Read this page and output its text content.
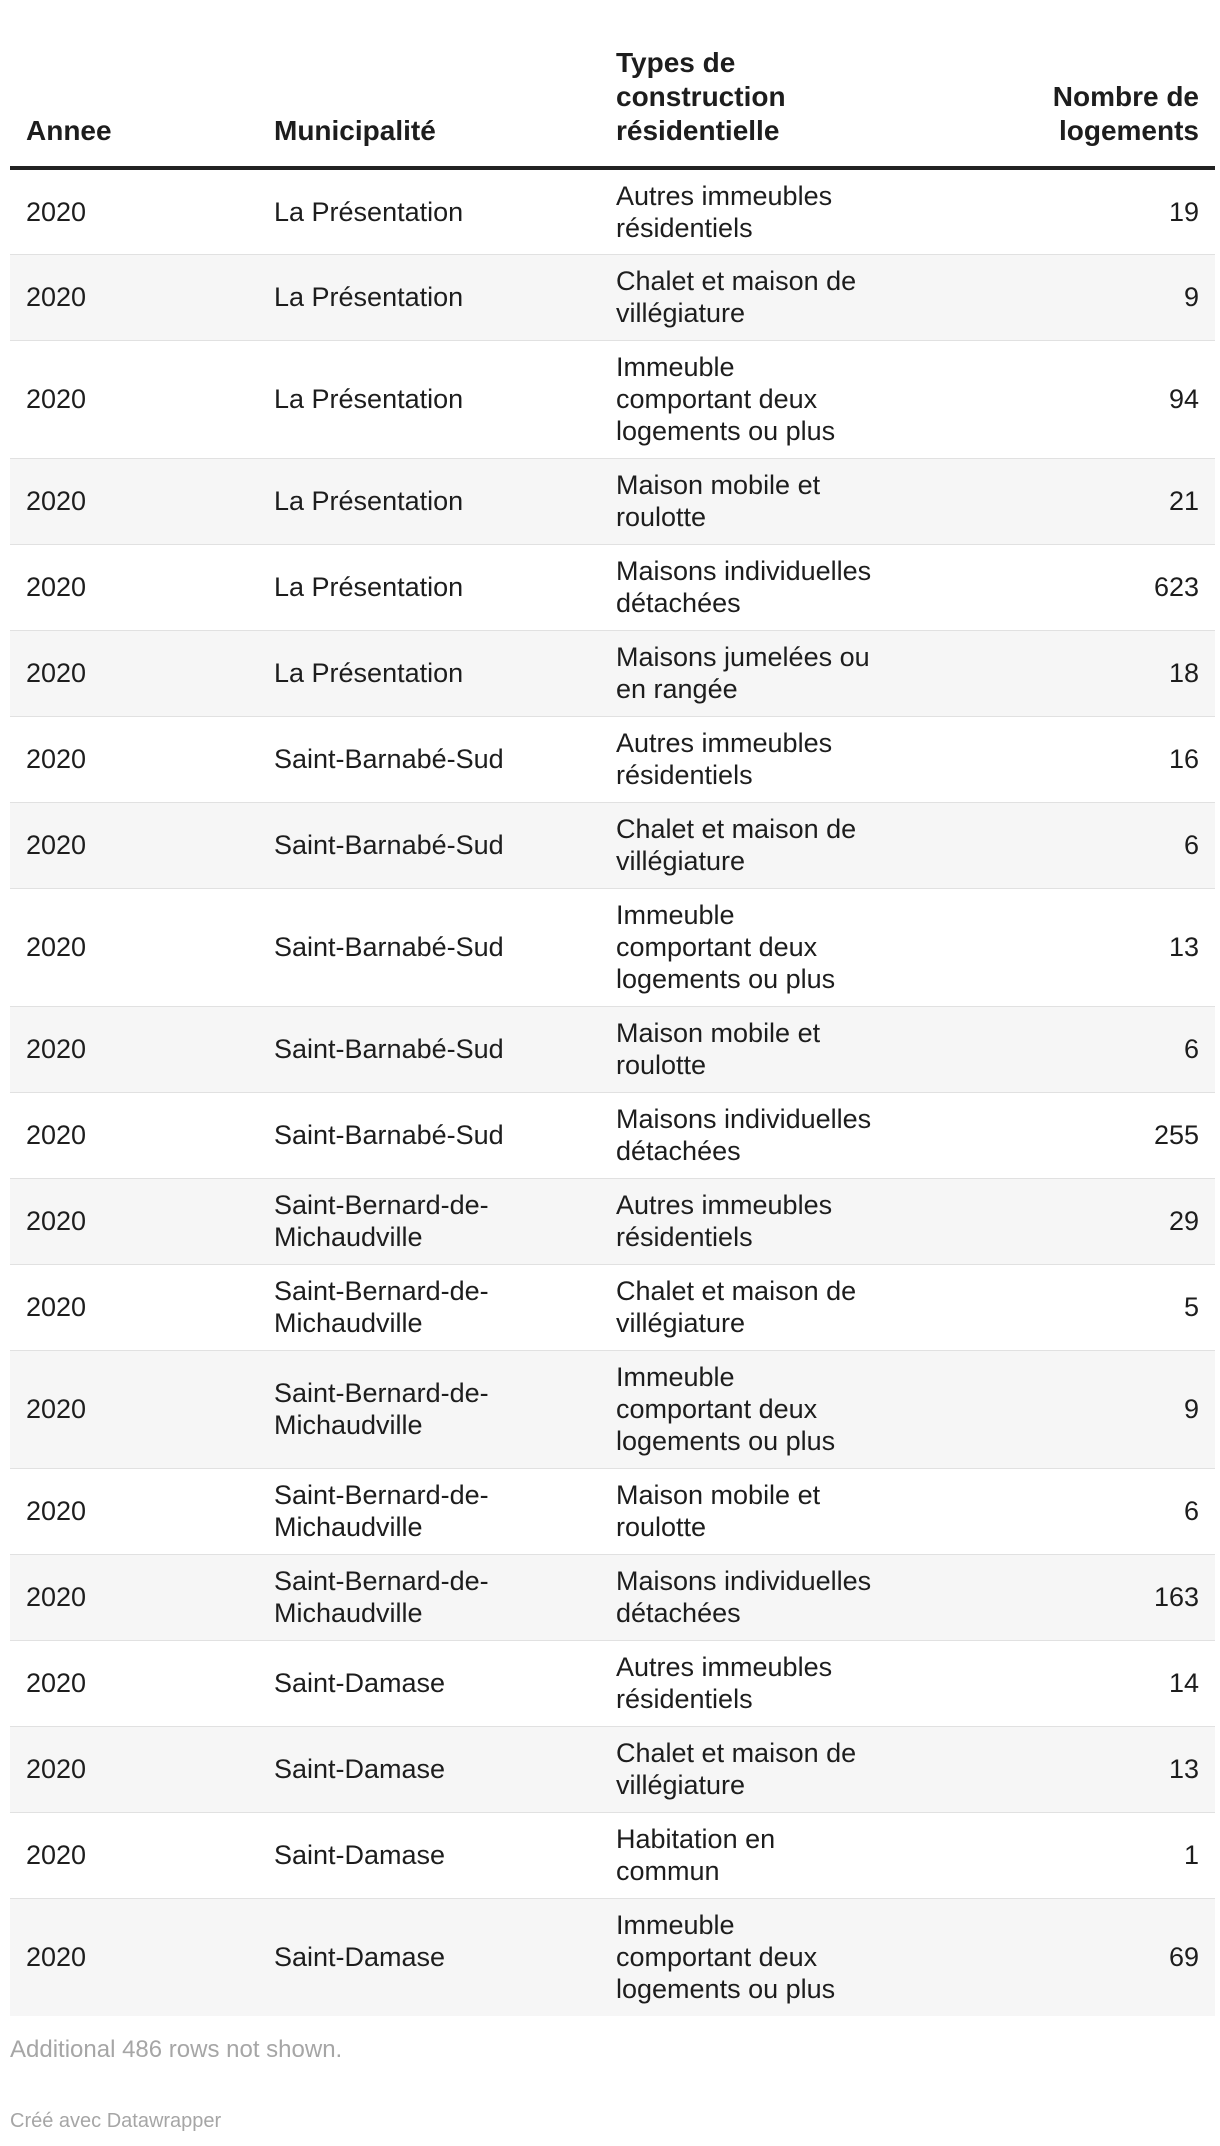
Annee	Municipalité	Types de construction résidentielle	Nombre de logements
2020	La Présentation	Autres immeubles résidentiels	19
2020	La Présentation	Chalet et maison de villégiature	9
2020	La Présentation	Immeuble comportant deux logements ou plus	94
2020	La Présentation	Maison mobile et roulotte	21
2020	La Présentation	Maisons individuelles détachées	623
2020	La Présentation	Maisons jumelées ou en rangée	18
2020	Saint-Barnabé-Sud	Autres immeubles résidentiels	16
2020	Saint-Barnabé-Sud	Chalet et maison de villégiature	6
2020	Saint-Barnabé-Sud	Immeuble comportant deux logements ou plus	13
2020	Saint-Barnabé-Sud	Maison mobile et roulotte	6
2020	Saint-Barnabé-Sud	Maisons individuelles détachées	255
2020	Saint-Bernard-de-Michaudville	Autres immeubles résidentiels	29
2020	Saint-Bernard-de-Michaudville	Chalet et maison de villégiature	5
2020	Saint-Bernard-de-Michaudville	Immeuble comportant deux logements ou plus	9
2020	Saint-Bernard-de-Michaudville	Maison mobile et roulotte	6
2020	Saint-Bernard-de-Michaudville	Maisons individuelles détachées	163
2020	Saint-Damase	Autres immeubles résidentiels	14
2020	Saint-Damase	Chalet et maison de villégiature	13
2020	Saint-Damase	Habitation en commun	1
2020	Saint-Damase	Immeuble comportant deux logements ou plus	69
Additional 486 rows not shown.
Créé avec Datawrapper
